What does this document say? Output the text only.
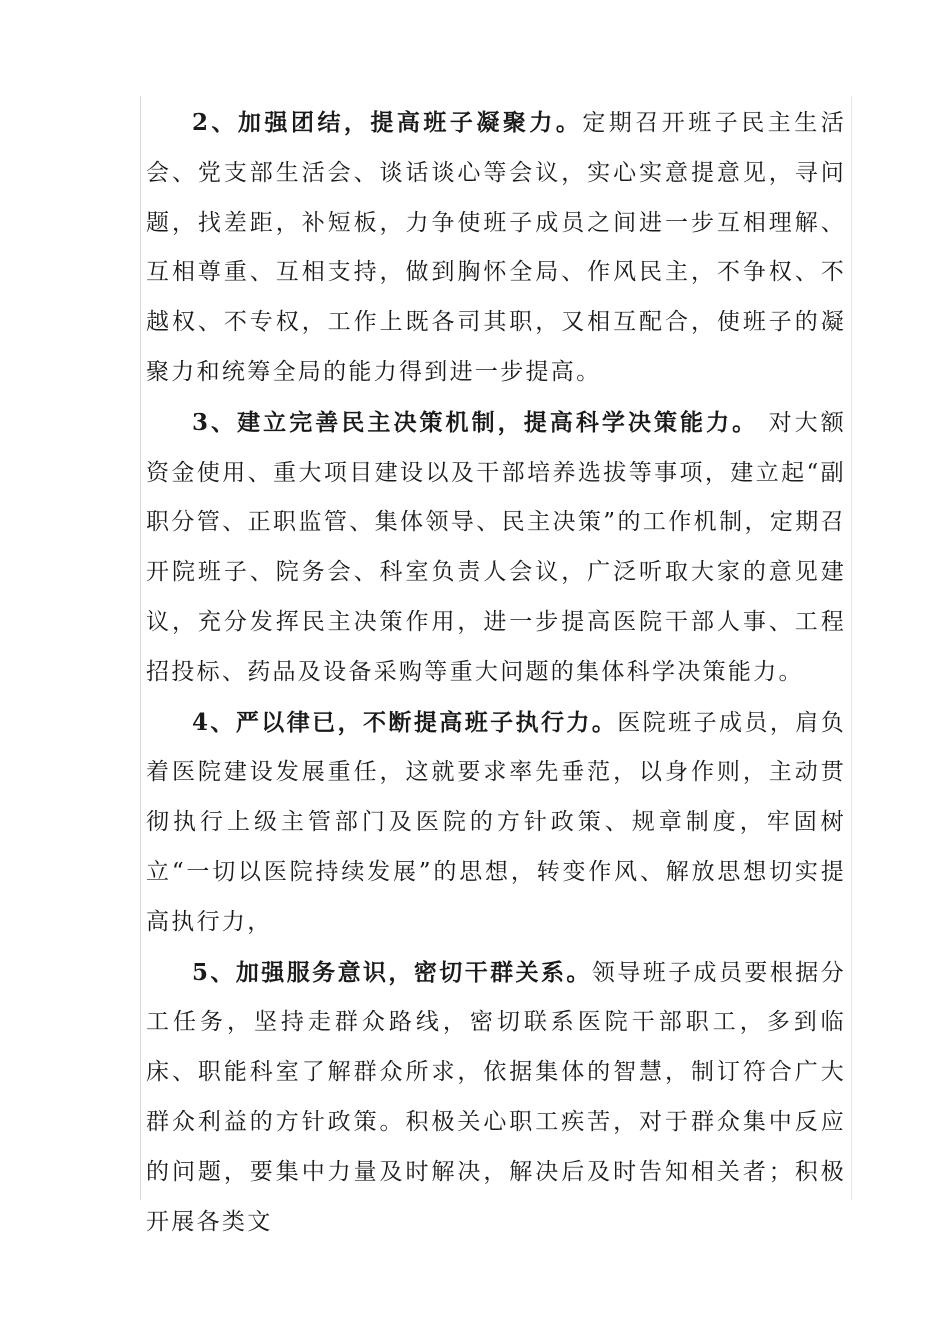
2、加强团结，提高班子凝聚力。定期召开班子民主生活会、党支部生活会、谈话谈心等会议，实心实意提意见，寻问题，找差距，补短板，力争使班子成员之间进一步互相理解、互相尊重、互相支持，做到胸怀全局、作风民主，不争权、不越权、不专权，工作上既各司其职，又相互配合，使班子的凝聚力和统筹全局的能力得到进一步提高。

3、建立完善民主决策机制，提高科学决策能力。 对大额资金使用、重大项目建设以及干部培养选拔等事项，建立起“副职分管、正职监管、集体领导、民主决策”的工作机制，定期召开院班子、院务会、科室负责人会议，广泛听取大家的意见建议，充分发挥民主决策作用，进一步提高医院干部人事、工程招投标、药品及设备采购等重大问题的集体科学决策能力。

4、严以律已，不断提高班子执行力。医院班子成员，肩负着医院建设发展重任，这就要求率先垂范，以身作则，主动贯彻执行上级主管部门及医院的方针政策、规章制度，牢固树立“一切以医院持续发展”的思想，转变作风、解放思想切实提高执行力，

5、加强服务意识，密切干群关系。领导班子成员要根据分工任务，坚持走群众路线，密切联系医院干部职工，多到临床、职能科室了解群众所求，依据集体的智慧，制订符合广大群众利益的方针政策。积极关心职工疾苦，对于群众集中反应的问题，要集中力量及时解决，解决后及时告知相关者；积极开展各类文
